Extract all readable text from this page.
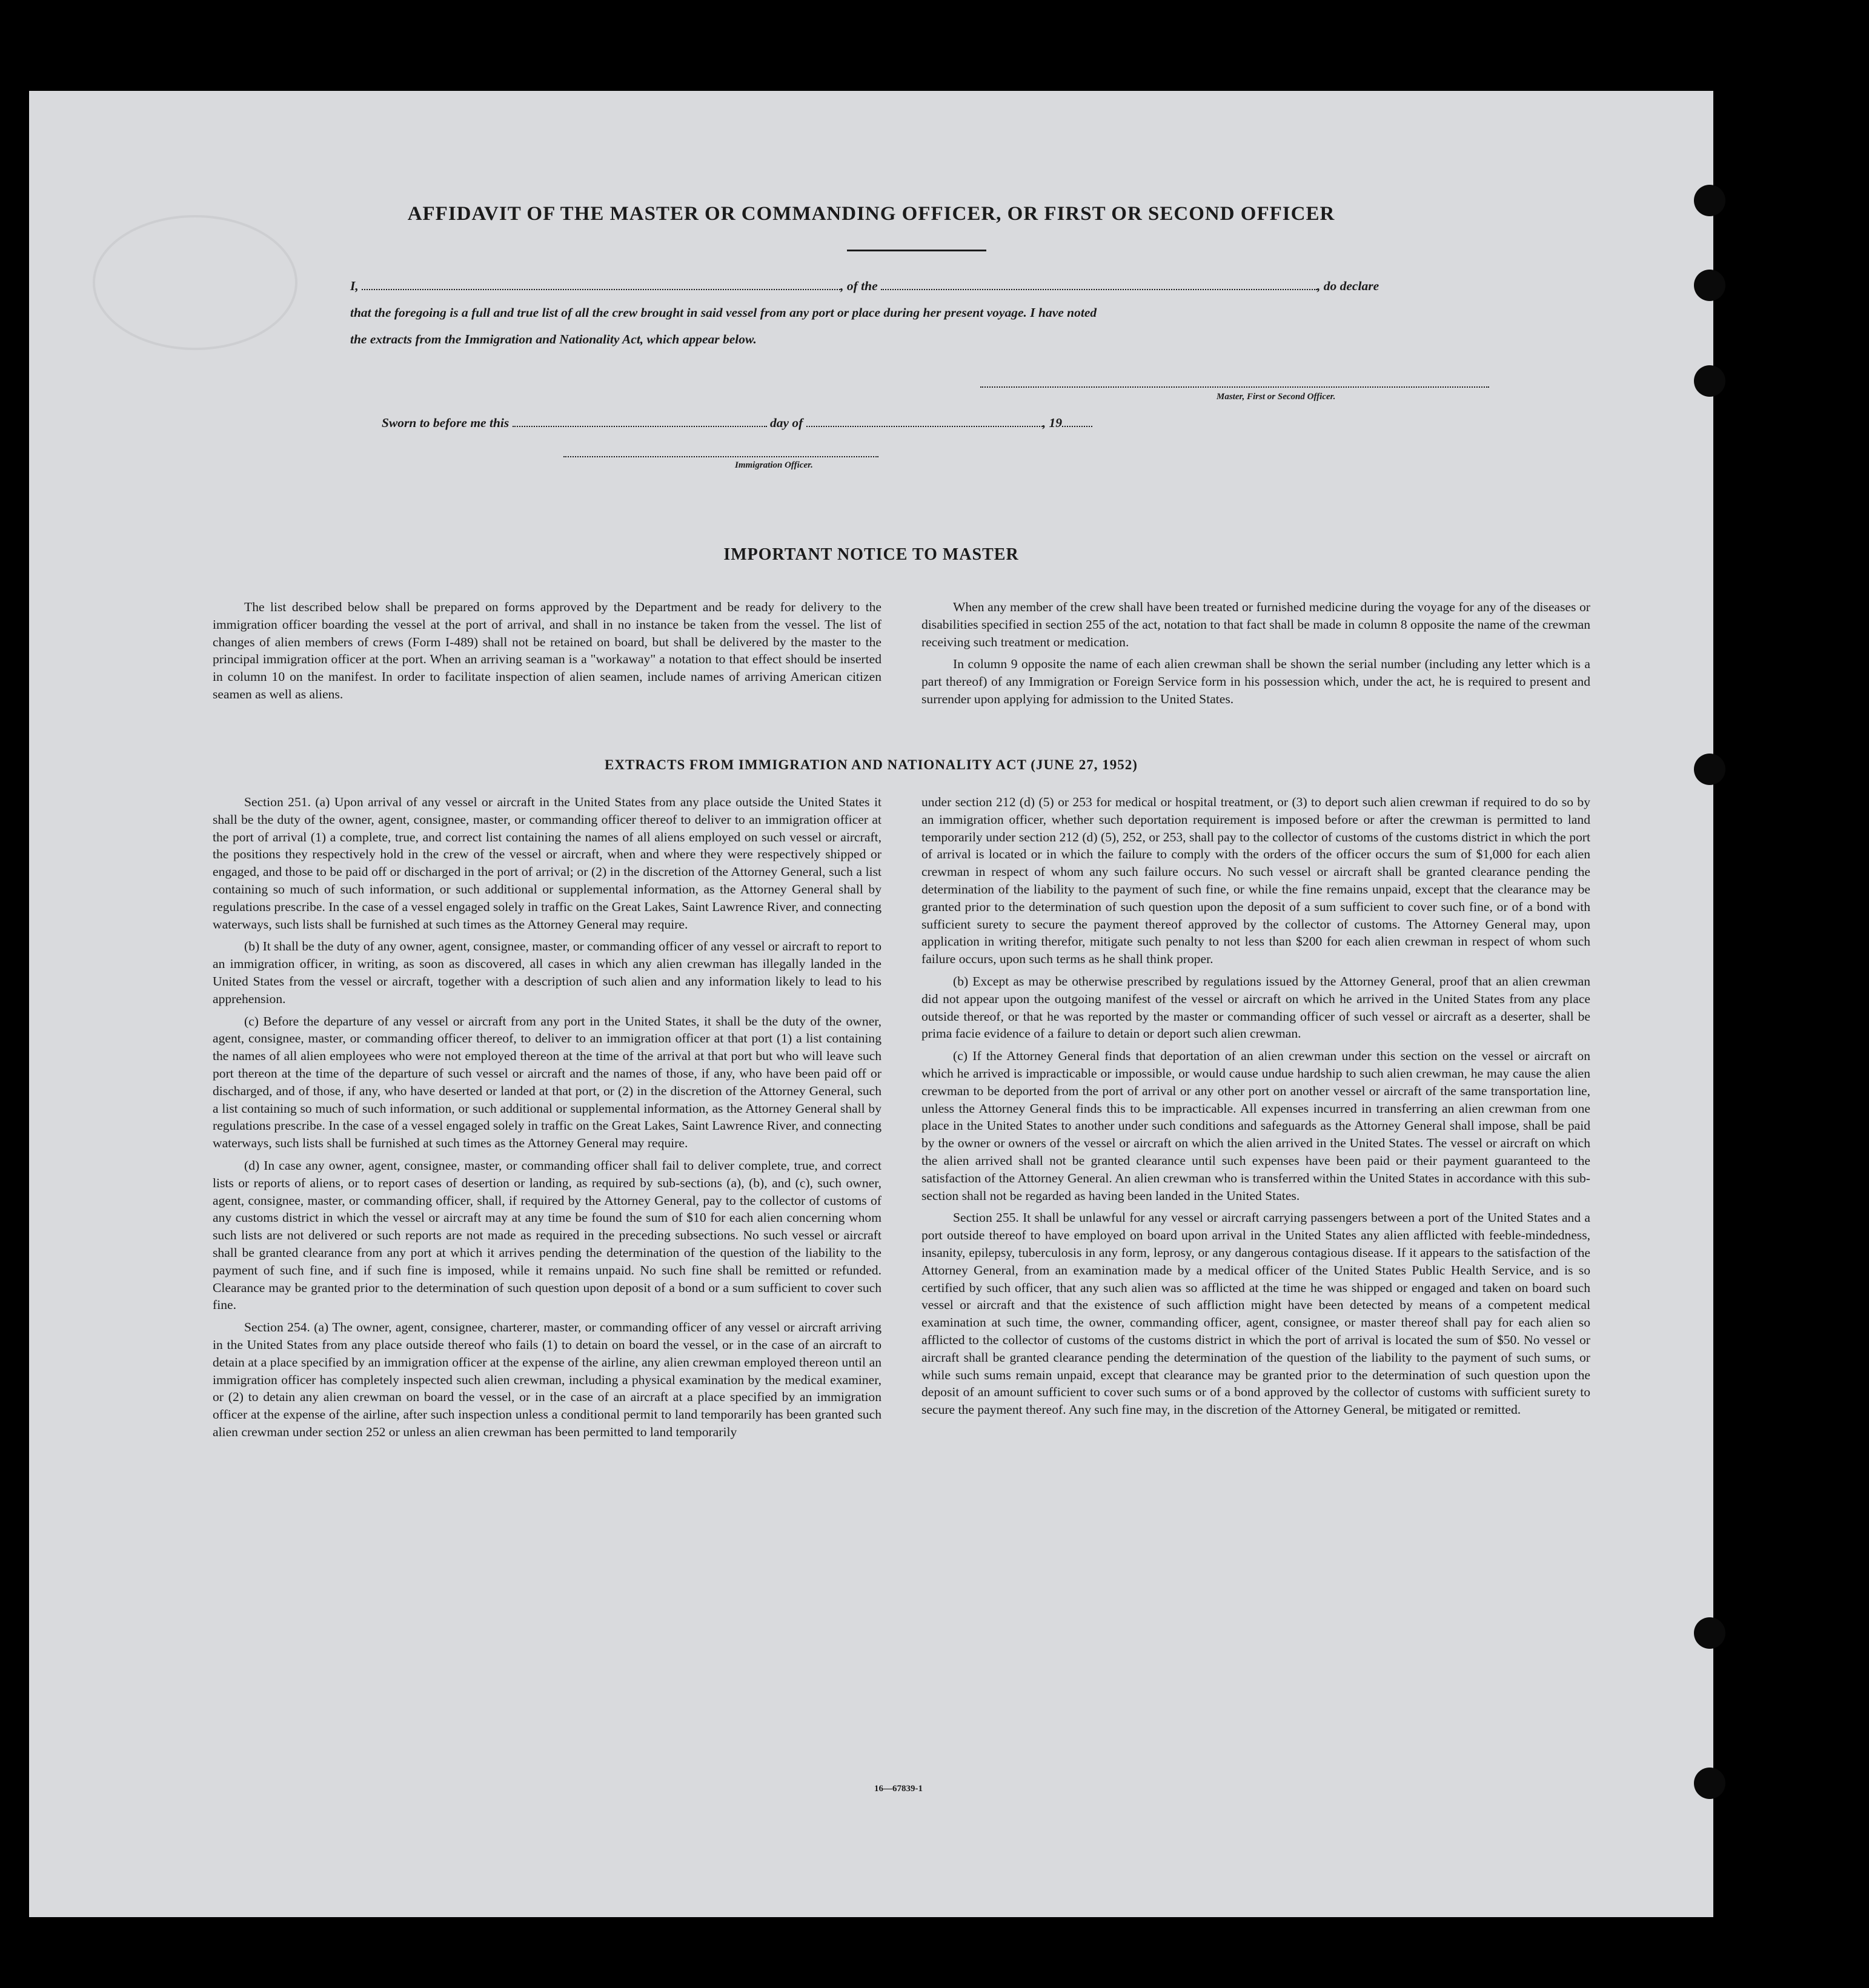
AFFIDAVIT OF THE MASTER OR COMMANDING OFFICER, OR FIRST OR SECOND OFFICER
I,	, of the	, do declare
that the foregoing is a full and true list of all the crew brought in said vessel from any port or place during her present voyage. I have noted
the extracts from the Immigration and Nationality Act, which appear below.
Master, First or Second Officer.
Sworn to before me this	day of	, 19
Immigration Officer.
IMPORTANT NOTICE TO MASTER

The list described below shall be prepared on forms approved by the Department and be ready for delivery to the immigration officer boarding the vessel at the port of arrival, and shall in no instance be taken from the vessel. The list of changes of alien members of crews (Form I-489) shall not be retained on board, but shall be delivered by the master to the principal immigration officer at the port. When an arriving seaman is a "workaway" a notation to that effect should be inserted in column 10 on the manifest. In order to facilitate inspection of alien seamen, include names of arriving American citizen seamen as well as aliens.

When any member of the crew shall have been treated or furnished medicine during the voyage for any of the diseases or disabilities specified in section 255 of the act, notation to that fact shall be made in column 8 opposite the name of the crewman receiving such treatment or medication.

In column 9 opposite the name of each alien crewman shall be shown the serial number (including any letter which is a part thereof) of any Immigration or Foreign Service form in his possession which, under the act, he is required to present and surrender upon applying for admission to the United States.

EXTRACTS FROM IMMIGRATION AND NATIONALITY ACT (JUNE 27, 1952)

Section 251. (a) Upon arrival of any vessel or aircraft in the United States from any place outside the United States it shall be the duty of the owner, agent, consignee, master, or commanding officer thereof to deliver to an immigration officer at the port of arrival (1) a complete, true, and correct list containing the names of all aliens employed on such vessel or aircraft, the positions they respectively hold in the crew of the vessel or aircraft, when and where they were respectively shipped or engaged, and those to be paid off or discharged in the port of arrival; or (2) in the discretion of the Attorney General, such a list containing so much of such information, or such additional or supplemental information, as the Attorney General shall by regulations prescribe. In the case of a vessel engaged solely in traffic on the Great Lakes, Saint Lawrence River, and connecting waterways, such lists shall be furnished at such times as the Attorney General may require.

(b) It shall be the duty of any owner, agent, consignee, master, or commanding officer of any vessel or aircraft to report to an immigration officer, in writing, as soon as discovered, all cases in which any alien crewman has illegally landed in the United States from the vessel or aircraft, together with a description of such alien and any information likely to lead to his apprehension.

(c) Before the departure of any vessel or aircraft from any port in the United States, it shall be the duty of the owner, agent, consignee, master, or commanding officer thereof, to deliver to an immigration officer at that port (1) a list containing the names of all alien employees who were not employed thereon at the time of the arrival at that port but who will leave such port thereon at the time of the departure of such vessel or aircraft and the names of those, if any, who have been paid off or discharged, and of those, if any, who have deserted or landed at that port, or (2) in the discretion of the Attorney General, such a list containing so much of such information, or such additional or supplemental information, as the Attorney General shall by regulations prescribe. In the case of a vessel engaged solely in traffic on the Great Lakes, Saint Lawrence River, and connecting waterways, such lists shall be furnished at such times as the Attorney General may require.

(d) In case any owner, agent, consignee, master, or commanding officer shall fail to deliver complete, true, and correct lists or reports of aliens, or to report cases of desertion or landing, as required by sub-sections (a), (b), and (c), such owner, agent, consignee, master, or commanding officer, shall, if required by the Attorney General, pay to the collector of customs of any customs district in which the vessel or aircraft may at any time be found the sum of $10 for each alien concerning whom such lists are not delivered or such reports are not made as required in the preceding subsections. No such vessel or aircraft shall be granted clearance from any port at which it arrives pending the determination of the question of the liability to the payment of such fine, and if such fine is imposed, while it remains unpaid. No such fine shall be remitted or refunded. Clearance may be granted prior to the determination of such question upon deposit of a bond or a sum sufficient to cover such fine.

Section 254. (a) The owner, agent, consignee, charterer, master, or commanding officer of any vessel or aircraft arriving in the United States from any place outside thereof who fails (1) to detain on board the vessel, or in the case of an aircraft to detain at a place specified by an immigration officer at the expense of the airline, any alien crewman employed thereon until an immigration officer has completely inspected such alien crewman, including a physical examination by the medical examiner, or (2) to detain any alien crewman on board the vessel, or in the case of an aircraft at a place specified by an immigration officer at the expense of the airline, after such inspection unless a conditional permit to land temporarily has been granted such alien crewman under section 252 or unless an alien crewman has been permitted to land temporarily

under section 212 (d) (5) or 253 for medical or hospital treatment, or (3) to deport such alien crewman if required to do so by an immigration officer, whether such deportation requirement is imposed before or after the crewman is permitted to land temporarily under section 212 (d) (5), 252, or 253, shall pay to the collector of customs of the customs district in which the port of arrival is located or in which the failure to comply with the orders of the officer occurs the sum of $1,000 for each alien crewman in respect of whom any such failure occurs. No such vessel or aircraft shall be granted clearance pending the determination of the liability to the payment of such fine, or while the fine remains unpaid, except that the clearance may be granted prior to the determination of such question upon the deposit of a sum sufficient to cover such fine, or of a bond with sufficient surety to secure the payment thereof approved by the collector of customs. The Attorney General may, upon application in writing therefor, mitigate such penalty to not less than $200 for each alien crewman in respect of whom such failure occurs, upon such terms as he shall think proper.

(b) Except as may be otherwise prescribed by regulations issued by the Attorney General, proof that an alien crewman did not appear upon the outgoing manifest of the vessel or aircraft on which he arrived in the United States from any place outside thereof, or that he was reported by the master or commanding officer of such vessel or aircraft as a deserter, shall be prima facie evidence of a failure to detain or deport such alien crewman.

(c) If the Attorney General finds that deportation of an alien crewman under this section on the vessel or aircraft on which he arrived is impracticable or impossible, or would cause undue hardship to such alien crewman, he may cause the alien crewman to be deported from the port of arrival or any other port on another vessel or aircraft of the same transportation line, unless the Attorney General finds this to be impracticable. All expenses incurred in transferring an alien crewman from one place in the United States to another under such conditions and safeguards as the Attorney General shall impose, shall be paid by the owner or owners of the vessel or aircraft on which the alien arrived in the United States. The vessel or aircraft on which the alien arrived shall not be granted clearance until such expenses have been paid or their payment guaranteed to the satisfaction of the Attorney General. An alien crewman who is transferred within the United States in accordance with this sub-section shall not be regarded as having been landed in the United States.

Section 255. It shall be unlawful for any vessel or aircraft carrying passengers between a port of the United States and a port outside thereof to have employed on board upon arrival in the United States any alien afflicted with feeble-mindedness, insanity, epilepsy, tuberculosis in any form, leprosy, or any dangerous contagious disease. If it appears to the satisfaction of the Attorney General, from an examination made by a medical officer of the United States Public Health Service, and is so certified by such officer, that any such alien was so afflicted at the time he was shipped or engaged and taken on board such vessel or aircraft and that the existence of such affliction might have been detected by means of a competent medical examination at such time, the owner, commanding officer, agent, consignee, or master thereof shall pay for each alien so afflicted to the collector of customs of the customs district in which the port of arrival is located the sum of $50. No vessel or aircraft shall be granted clearance pending the determination of the question of the liability to the payment of such sums, or while such sums remain unpaid, except that clearance may be granted prior to the determination of such question upon the deposit of an amount sufficient to cover such sums or of a bond approved by the collector of customs with sufficient surety to secure the payment thereof. Any such fine may, in the discretion of the Attorney General, be mitigated or remitted.

16—67839-1
